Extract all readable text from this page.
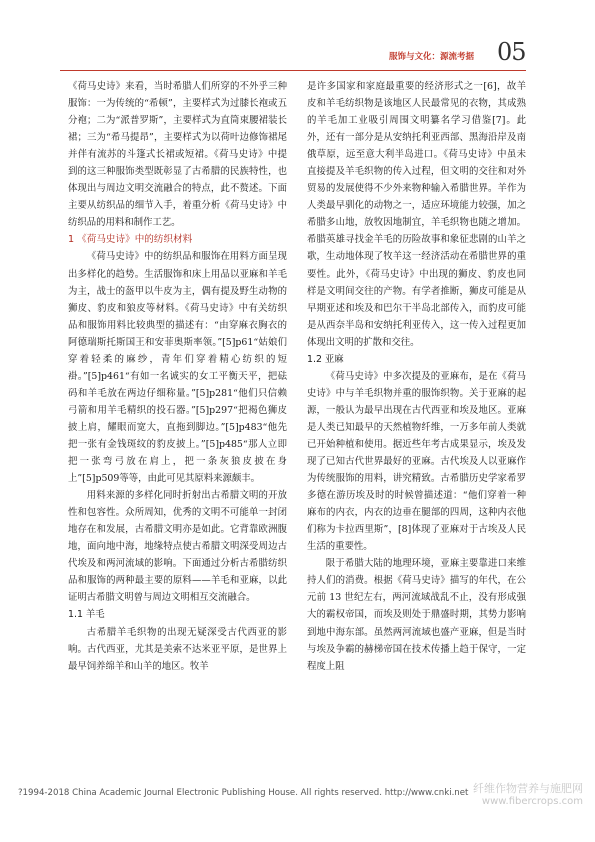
服饰与文化：源流考据 05

《荷马史诗》来看，当时希腊人们所穿的不外乎三种服饰：一为传统的“希顿”，主要样式为过膝长袍或五分袍；二为“派普罗斯”，主要样式为直筒束腰裙装长裙；三为“希马提昂”，主要样式为以荷叶边修饰裙尾并伴有流苏的斗篷式长裙或短裙。《荷马史诗》中提到的这三种服饰类型既彰显了古希腊的民族特性，也体现出与周边文明交流融合的特点，此不赘述。下面主要从纺织品的细节入手，着重分析《荷马史诗》中纺织品的用料和制作工艺。

1 《荷马史诗》中的纺织材料

《荷马史诗》中的纺织品和服饰在用料方面呈现出多样化的趋势。生活服饰和床上用品以亚麻和羊毛为主，战士的盔甲以牛皮为主，偶有提及野生动物的狮皮、豹皮和狼皮等材料。《荷马史诗》中有关纺织品和服饰用料比较典型的描述有：“由穿麻衣胸衣的阿德瑞斯托斯国王和安菲奥斯率领。”[5]p61“姑娘们穿着轻柔的麻纱，青年们穿着精心纺织的短褂。”[5]p461“有如一名诚实的女工平衡天平，把砝码和羊毛放在两边仔细称量。”[5]p281“他们只信赖弓箭和用羊毛精织的投石器。”[5]p297“把褐色狮皮披上肩，耀眼而宽大，直拖到脚边。”[5]p483“他先把一张有金钱斑纹的豹皮披上。”[5]p485“那人立即把一张弯弓放在肩上，把一条灰狼皮披在身上”[5]p509等等，由此可见其原料来源颇丰。

用料来源的多样化同时折射出古希腊文明的开放性和包容性。众所周知，优秀的文明不可能单一封闭地存在和发展，古希腊文明亦是如此。它背靠欧洲腹地，面向地中海，地缘特点使古希腊文明深受周边古代埃及和两河流域的影响。下面通过分析古希腊纺织品和服饰的两种最主要的原料——羊毛和亚麻，以此证明古希腊文明曾与周边文明相互交流融合。

1.1 羊毛

古希腊羊毛织物的出现无疑深受古代西亚的影响。古代西亚，尤其是美索不达米亚平原，是世界上最早饲养绵羊和山羊的地区。牧羊

是许多国家和家庭最重要的经济形式之一[6]，故羊皮和羊毛纺织物是该地区人民最常见的衣物，其成熟的羊毛加工业吸引周围文明纂名学习借鉴[7]。此外，还有一部分是从安纳托利亚西部、黑海沿岸及南俄草原，远至意大利半岛进口。《荷马史诗》中虽未直接提及羊毛织物的传入过程，但文明的交往和对外贸易的发展使得不少外来物种输入希腊世界。羊作为人类最早驯化的动物之一，适应环境能力较强，加之希腊多山地，放牧因地制宜，羊毛织物也随之增加。希腊英雄寻找金羊毛的历险故事和象征悲剧的山羊之歌，生动地体现了牧羊这一经济活动在希腊世界的重要性。此外，《荷马史诗》中出现的狮皮、豹皮也同样是文明间交往的产物。有学者推断，狮皮可能是从早期亚述和埃及和巴尔干半岛北部传入，而豹皮可能是从西奈半岛和安纳托利亚传入，这一传入过程更加体现出文明的扩散和交往。

1.2 亚麻

《荷马史诗》中多次提及的亚麻布，是在《荷马史诗》中与羊毛织物并重的服饰织物。关于亚麻的起源，一般认为最早出现在古代西亚和埃及地区。亚麻是人类已知最早的天然植物纤维，一万多年前人类就已开始种植和使用。据近些年考古成果显示，埃及发现了已知古代世界最好的亚麻。古代埃及人以亚麻作为传统服饰的用料，讲究精致。古希腊历史学家希罗多德在游历埃及时的时候曾描述道：“他们穿着一种麻布的内衣，内衣的边垂在腿部的四周，这种内衣他们称为卡拉西里斯”，[8]体现了亚麻对于古埃及人民生活的重要性。

限于希腊大陆的地理环境，亚麻主要靠进口来维持人们的消费。根据《荷马史诗》描写的年代，在公元前 13 世纪左右，两河流域战乱不止，没有形成强大的霸权帝国，而埃及则处于鼎盛时期，其势力影响到地中海东部。虽然两河流域也盛产亚麻，但是当时与埃及争霸的赫梯帝国在技术传播上趋于保守，一定程度上阻

?1994-2018 China Academic Journal Electronic Publishing House. All rights reserved. http://www.cnki.net 纤维作物营养与施肥网
www.fibercrops.com
